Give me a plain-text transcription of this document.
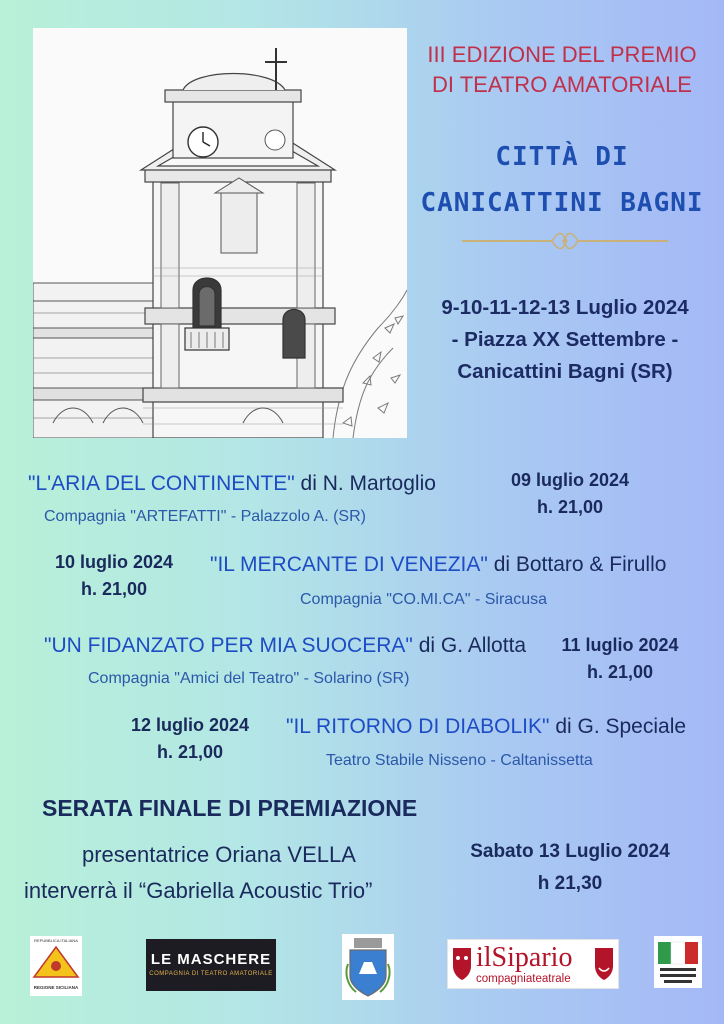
III EDIZIONE DEL PREMIO
DI TEATRO AMATORIALE
CITTÀ DI
CANICATTINI BAGNI
9-10-11-12-13 Luglio 2024
- Piazza XX Settembre -
Canicattini Bagni (SR)
"L'ARIA DEL CONTINENTE" di N. Martoglio
Compagnia "ARTEFATTI" - Palazzolo A. (SR)
09 luglio 2024
h. 21,00
10 luglio 2024
h. 21,00
"IL MERCANTE DI VENEZIA" di Bottaro & Firullo
Compagnia "CO.MI.CA" - Siracusa
"UN FIDANZATO PER MIA SUOCERA" di G. Allotta
Compagnia "Amici del Teatro" - Solarino (SR)
11 luglio 2024
h. 21,00
12 luglio 2024
h. 21,00
"IL RITORNO DI DIABOLIK" di G. Speciale
Teatro Stabile Nisseno - Caltanissetta
SERATA FINALE DI PREMIAZIONE
presentatrice Oriana VELLA
interverrà il “Gabriella Acoustic Trio”
Sabato 13 Luglio 2024
h 21,30
REPUBBLICA ITALIANA
REGIONE SICILIANA
LE MASCHERE
COMPAGNIA DI TEATRO AMATORIALE
ilSipario
compagniateatrale
